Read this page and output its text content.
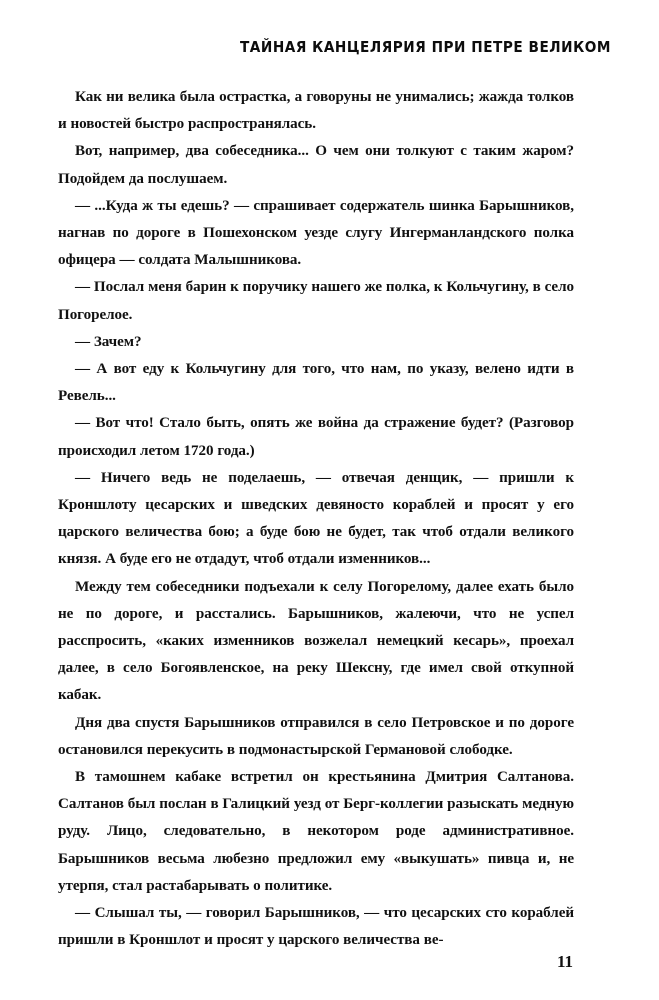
ТАЙНАЯ КАНЦЕЛЯРИЯ ПРИ ПЕТРЕ ВЕЛИКОМ

Как ни велика была острастка, а говоруны не унимались; жажда толков и новостей быстро распространялась.

Вот, например, два собеседника... О чем они толкуют с таким жаром? Подойдем да послушаем.

— ...Куда ж ты едешь? — спрашивает содержатель шинка Барышников, нагнав по дороге в Пошехонском уезде слугу Ингерманландского полка офицера — солдата Малышникова.

— Послал меня барин к поручику нашего же полка, к Кольчугину, в село Погорелое.

— Зачем?

— А вот еду к Кольчугину для того, что нам, по указу, велено идти в Ревель...

— Вот что! Стало быть, опять же война да стражение будет? (Разговор происходил летом 1720 года.)

— Ничего ведь не поделаешь, — отвечая денщик, — пришли к Кроншлоту цесарских и шведских девяносто кораблей и просят у его царского величества бою; а буде бою не будет, так чтоб отдали великого князя. А буде его не отдадут, чтоб отдали изменников...

Между тем собеседники подъехали к селу Погорелому, далее ехать было не по дороге, и расстались. Барышников, жалеючи, что не успел расспросить, «каких изменников возжелал немецкий кесарь», проехал далее, в село Богоявленское, на реку Шексну, где имел свой откупной кабак.

Дня два спустя Барышников отправился в село Петровское и по дороге остановился перекусить в подмонастырской Германовой слободке.

В тамошнем кабаке встретил он крестьянина Дмитрия Салтанова. Салтанов был послан в Галицкий уезд от Берг-коллегии разыскать медную руду. Лицо, следовательно, в некотором роде административное. Барышников весьма любезно предложил ему «выкушать» пивца и, не утерпя, стал растабарывать о политике.

— Слышал ты, — говорил Барышников, — что цесарских сто кораблей пришли в Кроншлот и просят у царского величества ве-

11
